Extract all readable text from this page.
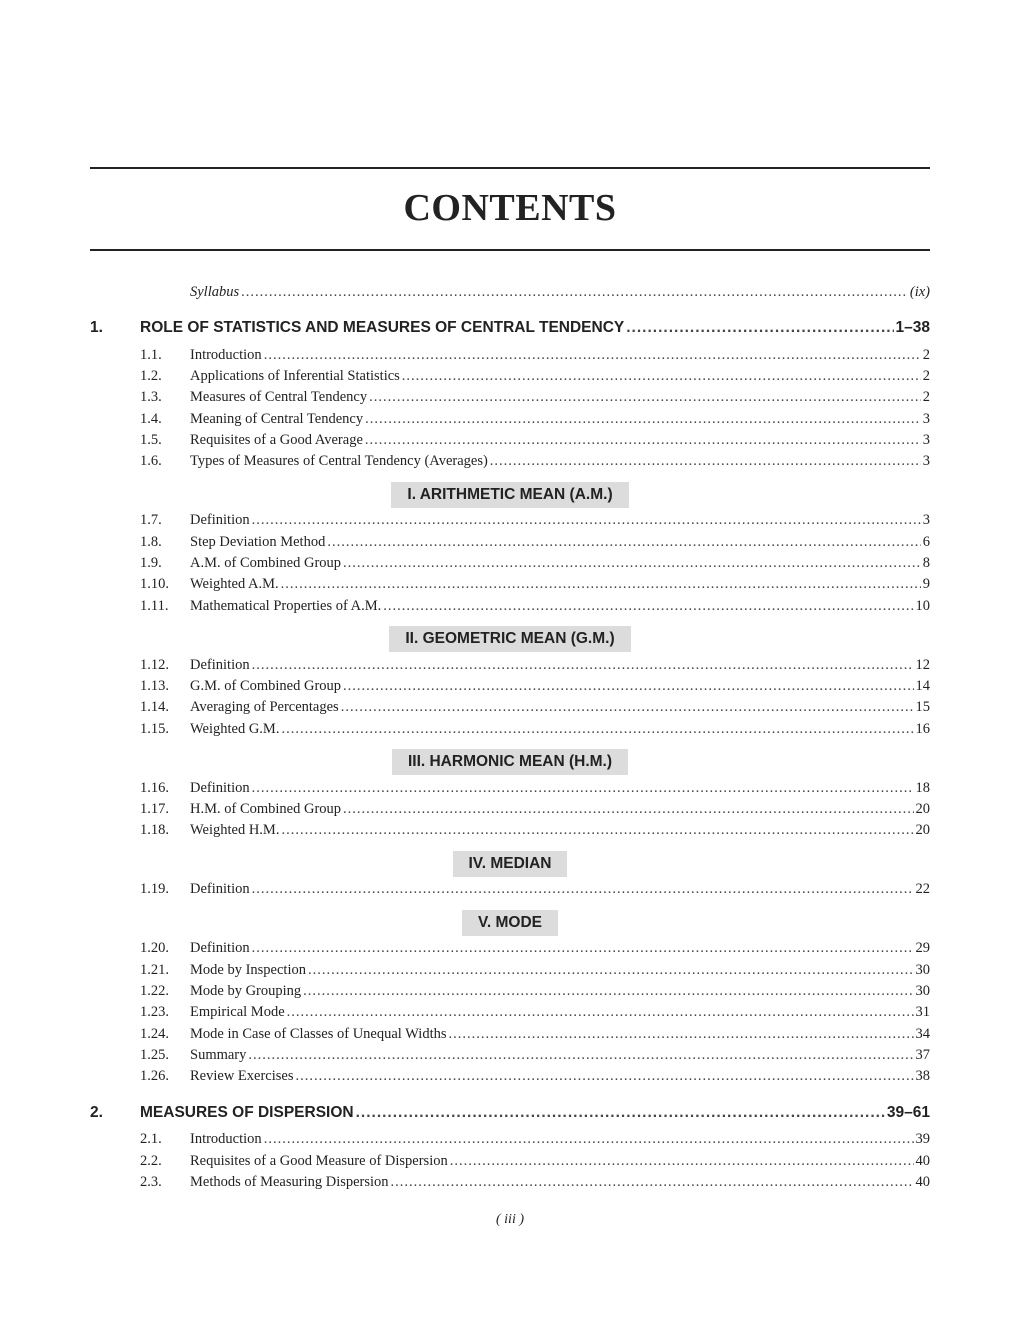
CONTENTS
Syllabus .....	(ix)
1.	ROLE OF STATISTICS AND MEASURES OF CENTRAL TENDENCY .....	1–38
1.1.	Introduction .....	2
1.2.	Applications of Inferential Statistics .....	2
1.3.	Measures of Central Tendency .....	2
1.4.	Meaning of Central Tendency .....	3
1.5.	Requisites of a Good Average .....	3
1.6.	Types of Measures of Central Tendency (Averages) .....	3
1.7.	Definition .....	3
1.8.	Step Deviation Method .....	6
1.9.	A.M. of Combined Group .....	8
1.10.	Weighted A.M. .....	9
1.11.	Mathematical Properties of A.M. .....	10
1.12.	Definition .....	12
1.13.	G.M. of Combined Group .....	14
1.14.	Averaging of Percentages .....	15
1.15.	Weighted G.M. .....	16
1.16.	Definition .....	18
1.17.	H.M. of Combined Group .....	20
1.18.	Weighted H.M. .....	20
1.19.	Definition .....	22
1.20.	Definition .....	29
1.21.	Mode by Inspection .....	30
1.22.	Mode by Grouping .....	30
1.23.	Empirical Mode .....	31
1.24.	Mode in Case of Classes of Unequal Widths .....	34
1.25.	Summary .....	37
1.26.	Review Exercises .....	38
2.	MEASURES OF DISPERSION .....	39–61
2.1.	Introduction .....	39
2.2.	Requisites of a Good Measure of Dispersion .....	40
2.3.	Methods of Measuring Dispersion .....	40
I. ARITHMETIC MEAN (A.M.)
II. GEOMETRIC MEAN (G.M.)
III. HARMONIC MEAN (H.M.)
IV. MEDIAN
V. MODE
( iii )
